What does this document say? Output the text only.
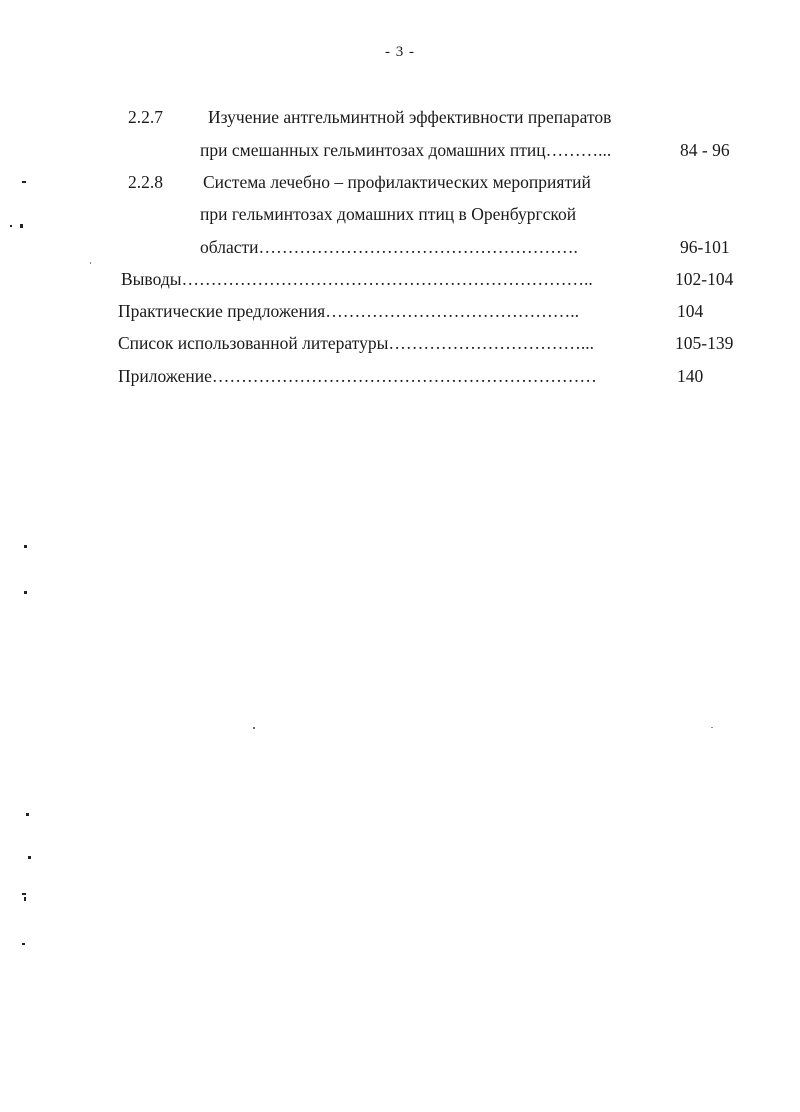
- 3 -
2.2.7	Изучение антгельминтной эффективности препаратов
при смешанных гельминтозах домашних птиц………...	84 - 96
2.2.8 Система лечебно – профилактических мероприятий
при гельминтозах домашних птиц в Оренбургской
области……………………………………………….	96-101
Выводы……………………………………………………………..	102-104
Практические предложения……………………………………..	104
Список использованной литературы……………………………...	105-139
Приложение…………………………………………………………	140
